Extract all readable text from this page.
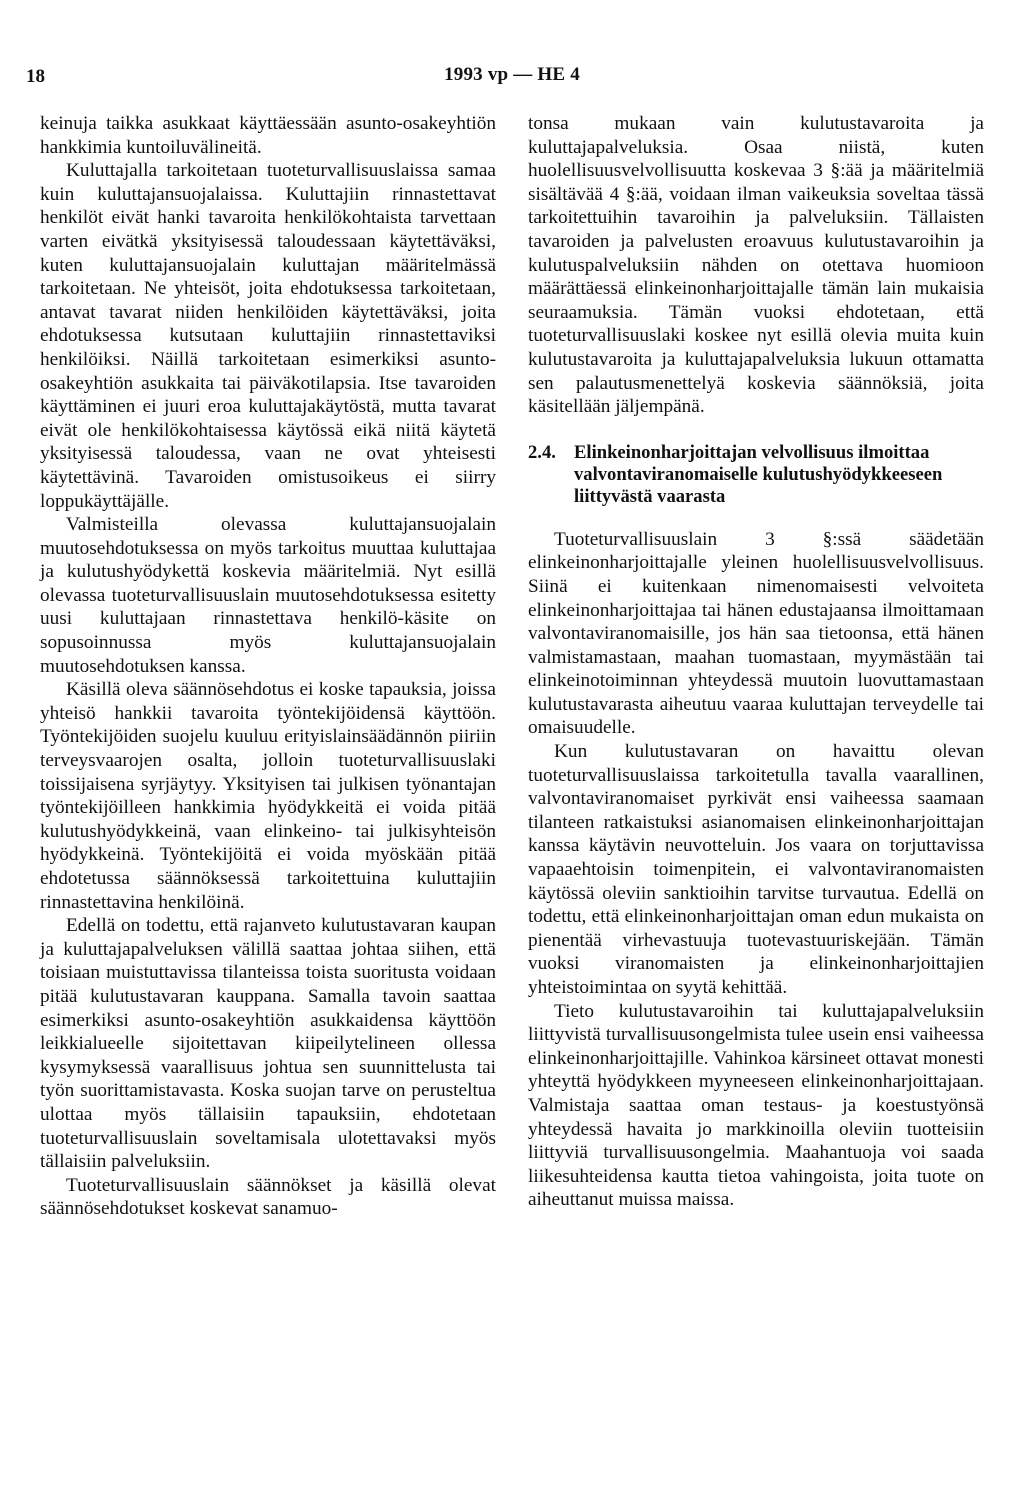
18	1993 vp — HE 4

keinuja taikka asukkaat käyttäessään asunto-osakeyhtiön hankkimia kuntoiluvälineitä.

Kuluttajalla tarkoitetaan tuoteturvallisuuslaissa samaa kuin kuluttajansuojalaissa. Kuluttajiin rinnastettavat henkilöt eivät hanki tavaroita henkilökohtaista tarvettaan varten eivätkä yksityisessä taloudessaan käytettäväksi, kuten kuluttajansuojalain kuluttajan määritelmässä tarkoitetaan. Ne yhteisöt, joita ehdotuksessa tarkoitetaan, antavat tavarat niiden henkilöiden käytettäväksi, joita ehdotuksessa kutsutaan kuluttajiin rinnastettaviksi henkilöiksi. Näillä tarkoitetaan esimerkiksi asunto-osakeyhtiön asukkaita tai päiväkotilapsia. Itse tavaroiden käyttäminen ei juuri eroa kuluttajakäytöstä, mutta tavarat eivät ole henkilökohtaisessa käytössä eikä niitä käytetä yksityisessä taloudessa, vaan ne ovat yhteisesti käytettävinä. Tavaroiden omistusoikeus ei siirry loppukäyttäjälle.

Valmisteilla olevassa kuluttajansuojalain muutosehdotuksessa on myös tarkoitus muuttaa kuluttajaa ja kulutushyödykettä koskevia määritelmiä. Nyt esillä olevassa tuoteturvallisuuslain muutosehdotuksessa esitetty uusi kuluttajaan rinnastettava henkilö-käsite on sopusoinnussa myös kuluttajansuojalain muutosehdotuksen kanssa.

Käsillä oleva säännösehdotus ei koske tapauksia, joissa yhteisö hankkii tavaroita työntekijöidensä käyttöön. Työntekijöiden suojelu kuuluu erityislainsäädännön piiriin terveysvaarojen osalta, jolloin tuoteturvallisuuslaki toissijaisena syrjäytyy. Yksityisen tai julkisen työnantajan työntekijöilleen hankkimia hyödykkeitä ei voida pitää kulutushyödykkeinä, vaan elinkeino- tai julkisyhteisön hyödykkeinä. Työntekijöitä ei voida myöskään pitää ehdotetussa säännöksessä tarkoitettuina kuluttajiin rinnastettavina henkilöinä.

Edellä on todettu, että rajanveto kulutustavaran kaupan ja kuluttajapalveluksen välillä saattaa johtaa siihen, että toisiaan muistuttavissa tilanteissa toista suoritusta voidaan pitää kulutustavaran kauppana. Samalla tavoin saattaa esimerkiksi asunto-osakeyhtiön asukkaidensa käyttöön leikkialueelle sijoitettavan kiipeilytelineen ollessa kysymyksessä vaarallisuus johtua sen suunnittelusta tai työn suorittamistavasta. Koska suojan tarve on perusteltua ulottaa myös tällaisiin tapauksiin, ehdotetaan tuoteturvallisuuslain soveltamisala ulotettavaksi myös tällaisiin palveluksiin.

Tuoteturvallisuuslain säännökset ja käsillä olevat säännösehdotukset koskevat sanamuo-

tonsa mukaan vain kulutustavaroita ja kuluttajapalveluksia. Osaa niistä, kuten huolellisuusvelvollisuutta koskevaa 3 §:ää ja määritelmiä sisältävää 4 §:ää, voidaan ilman vaikeuksia soveltaa tässä tarkoitettuihin tavaroihin ja palveluksiin. Tällaisten tavaroiden ja palvelusten eroavuus kulutustavaroihin ja kulutuspalveluksiin nähden on otettava huomioon määrättäessä elinkeinonharjoittajalle tämän lain mukaisia seuraamuksia. Tämän vuoksi ehdotetaan, että tuoteturvallisuuslaki koskee nyt esillä olevia muita kuin kulutustavaroita ja kuluttajapalveluksia lukuun ottamatta sen palautusmenettelyä koskevia säännöksiä, joita käsitellään jäljempänä.

2.4. Elinkeinonharjoittajan velvollisuus ilmoittaa valvontaviranomaiselle kulutushyödykkeeseen liittyvästä vaarasta

Tuoteturvallisuuslain 3 §:ssä säädetään elinkeinonharjoittajalle yleinen huolellisuusvelvollisuus. Siinä ei kuitenkaan nimenomaisesti velvoiteta elinkeinonharjoittajaa tai hänen edustajaansa ilmoittamaan valvontaviranomaisille, jos hän saa tietoonsa, että hänen valmistamastaan, maahan tuomastaan, myymästään tai elinkeinotoiminnan yhteydessä muutoin luovuttamastaan kulutustavarasta aiheutuu vaaraa kuluttajan terveydelle tai omaisuudelle.

Kun kulutustavaran on havaittu olevan tuoteturvallisuuslaissa tarkoitetulla tavalla vaarallinen, valvontaviranomaiset pyrkivät ensi vaiheessa saamaan tilanteen ratkaistuksi asianomaisen elinkeinonharjoittajan kanssa käytävin neuvotteluin. Jos vaara on torjuttavissa vapaaehtoisin toimenpitein, ei valvontaviranomaisten käytössä oleviin sanktioihin tarvitse turvautua. Edellä on todettu, että elinkeinonharjoittajan oman edun mukaista on pienentää virhevastuuja tuotevastuuriskejään. Tämän vuoksi viranomaisten ja elinkeinonharjoittajien yhteistoimintaa on syytä kehittää.

Tieto kulutustavaroihin tai kuluttajapalveluksiin liittyvistä turvallisuusongelmista tulee usein ensi vaiheessa elinkeinonharjoittajille. Vahinkoa kärsineet ottavat monesti yhteyttä hyödykkeen myyneeseen elinkeinonharjoittajaan. Valmistaja saattaa oman testaus- ja koestustyönsä yhteydessä havaita jo markkinoilla oleviin tuotteisiin liittyviä turvallisuusongelmia. Maahantuoja voi saada liikesuhteidensa kautta tietoa vahingoista, joita tuote on aiheuttanut muissa maissa.
